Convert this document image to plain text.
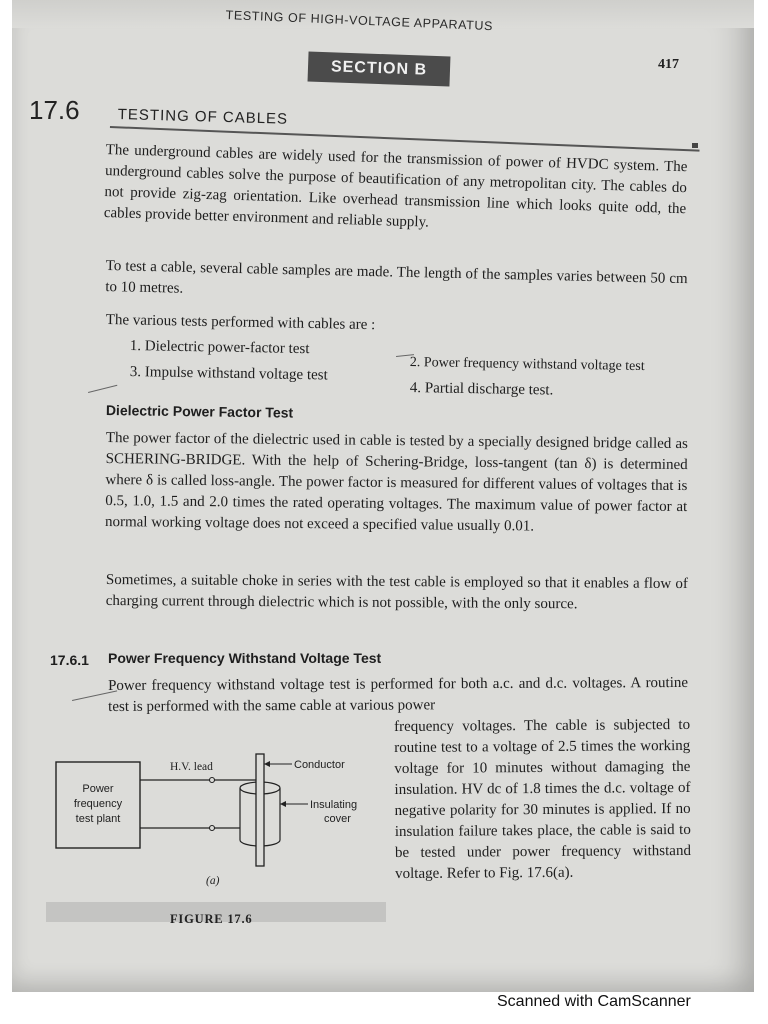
TESTING OF HIGH-VOLTAGE APPARATUS
417
SECTION B
17.6	TESTING OF CABLES
The underground cables are widely used for the transmission of power of HVDC system. The underground cables solve the purpose of beautification of any metropolitan city. The cables do not provide zig-zag orientation. Like overhead transmission line which looks quite odd, the cables provide better environment and reliable supply.
To test a cable, several cable samples are made. The length of the samples varies between 50 cm to 10 metres.
The various tests performed with cables are :
1. Dielectric power-factor test
2. Power frequency withstand voltage test
3. Impulse withstand voltage test
4. Partial discharge test.
Dielectric Power Factor Test
The power factor of the dielectric used in cable is tested by a specially designed bridge called as SCHERING-BRIDGE. With the help of Schering-Bridge, loss-tangent (tan δ) is determined where δ is called loss-angle. The power factor is measured for different values of voltages that is 0.5, 1.0, 1.5 and 2.0 times the rated operating voltages. The maximum value of power factor at normal working voltage does not exceed a specified value usually 0.01.
Sometimes, a suitable choke in series with the test cable is employed so that it enables a flow of charging current through dielectric which is not possible, with the only source.
17.6.1 Power Frequency Withstand Voltage Test
Power frequency withstand voltage test is performed for both a.c. and d.c. voltages. A routine test is performed with the same cable at various power
frequency voltages. The cable is subjected to routine test to a voltage of 2.5 times the working voltage for 10 minutes without damaging the insulation. HV dc of 1.8 times the d.c. voltage of negative polarity for 30 minutes is applied. If no insulation failure takes place, the cable is said to be tested under power frequency withstand voltage. Refer to Fig. 17.6(a).
Power
frequency
test plant
H.V. lead	Conductor
Insulating
cover
(a)
FIGURE 17.6
Scanned with CamScanner
